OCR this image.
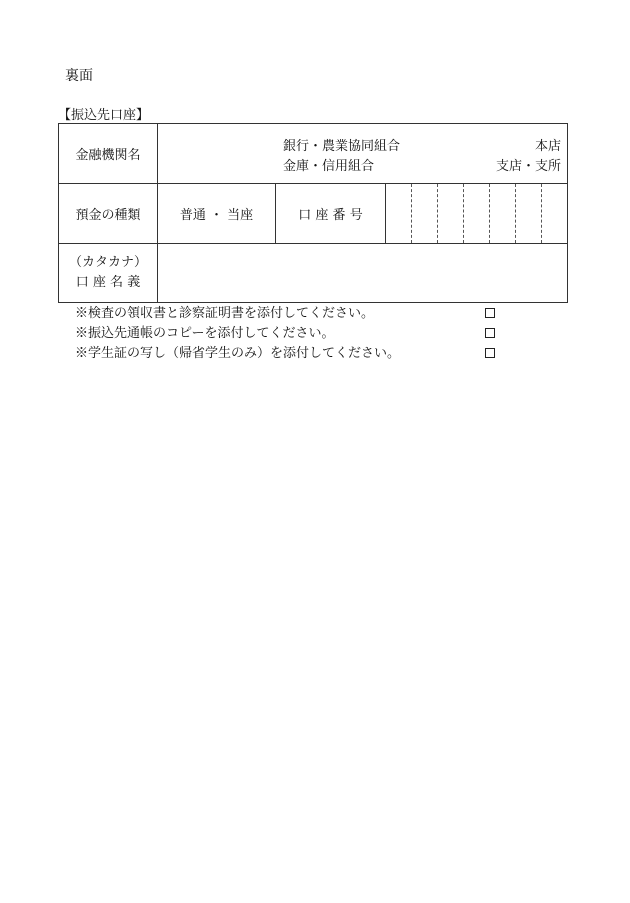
裏面
【振込先口座】
金融機関名
銀行・農業協同組合
金庫・信用組合
本店
支店・支所
預金の種類	普通 ・ 当座	口 座 番 号
（カタカナ）
口 座 名 義
※検査の領収書と診察証明書を添付してください。
※振込先通帳のコピーを添付してください。
※学生証の写し（帰省学生のみ）を添付してください。
